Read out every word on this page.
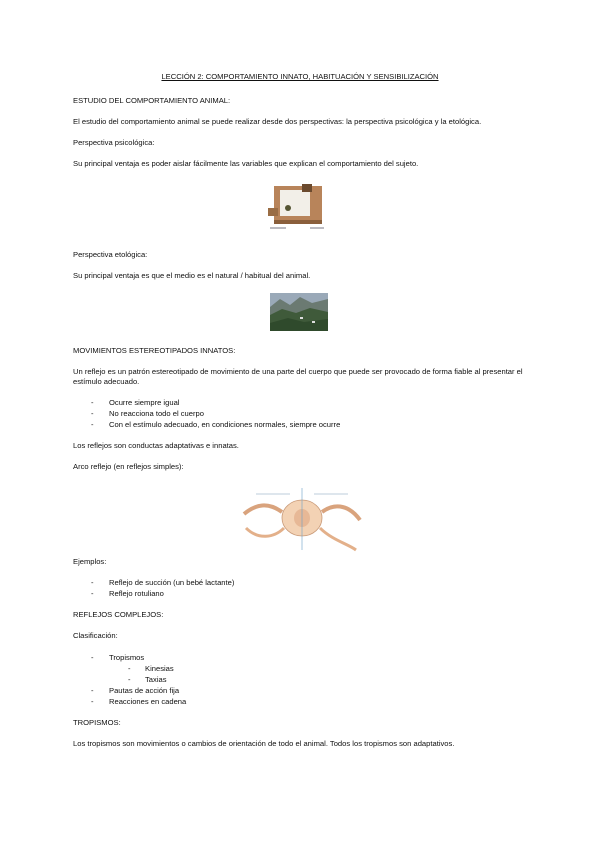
LECCIÓN 2: COMPORTAMIENTO INNATO, HABITUACIÓN Y SENSIBILIZACIÓN
ESTUDIO DEL COMPORTAMIENTO ANIMAL:
El estudio del comportamiento animal se puede realizar desde dos perspectivas: la perspectiva psicológica y la etológica.
Perspectiva psicológica:
Su principal ventaja es poder aislar fácilmente las variables que explican el comportamiento del sujeto.
Perspectiva etológica:
Su principal ventaja es que el medio es el natural / habitual del animal.
MOVIMIENTOS ESTEREOTIPADOS INNATOS:
Un reflejo es un patrón estereotipado de movimiento de una parte del cuerpo que puede ser provocado de forma fiable al presentar el estímulo adecuado.
- Ocurre siempre igual
- No reacciona todo el cuerpo
- Con el estímulo adecuado, en condiciones normales, siempre ocurre
Los reflejos son conductas adaptativas e innatas.
Arco reflejo (en reflejos simples):
Ejemplos:
- Reflejo de succión (un bebé lactante)
- Reflejo rotuliano
REFLEJOS COMPLEJOS:
Clasificación:
- Tropismos
- Kinesias
- Taxias
- Pautas de acción fija
- Reacciones en cadena
TROPISMOS:
Los tropismos son movimientos o cambios de orientación de todo el animal. Todos los tropismos son adaptativos.
